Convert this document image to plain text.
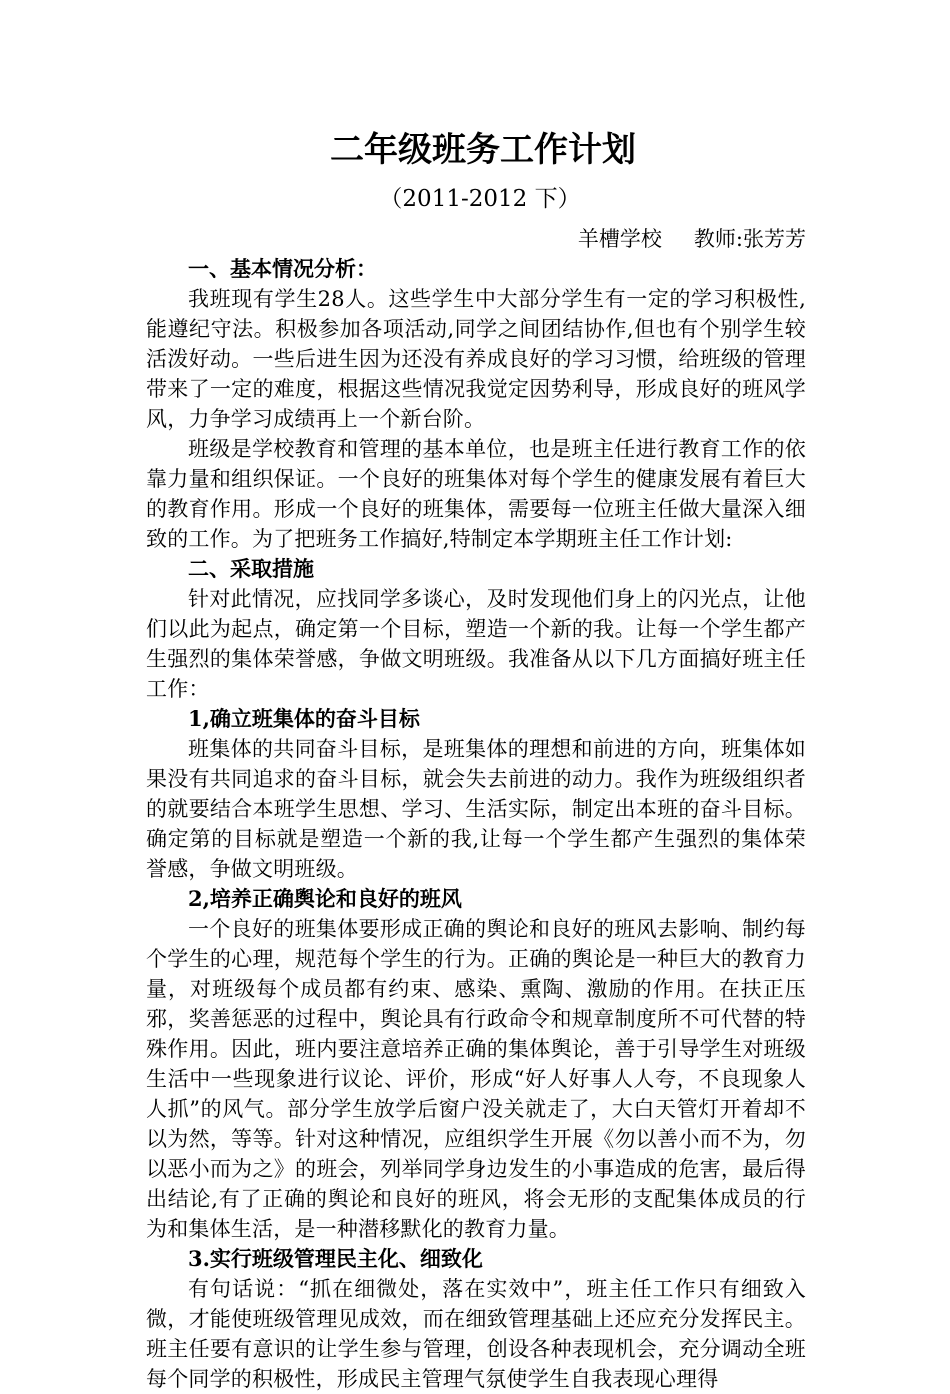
二年级班务工作计划
（2011-2012 下）
羊槽学校 教师:张芳芳
一、基本情况分析：

我班现有学生28人。这些学生中大部分学生有一定的学习积极性,能遵纪守法。积极参加各项活动,同学之间团结协作,但也有个别学生较活泼好动。一些后进生因为还没有养成良好的学习习惯，给班级的管理带来了一定的难度，根据这些情况我觉定因势利导，形成良好的班风学风，力争学习成绩再上一个新台阶。

班级是学校教育和管理的基本单位，也是班主任进行教育工作的依靠力量和组织保证。一个良好的班集体对每个学生的健康发展有着巨大的教育作用。形成一个良好的班集体，需要每一位班主任做大量深入细致的工作。为了把班务工作搞好,特制定本学期班主任工作计划:

二、采取措施

针对此情况，应找同学多谈心，及时发现他们身上的闪光点，让他们以此为起点，确定第一个目标，塑造一个新的我。让每一个学生都产生强烈的集体荣誉感，争做文明班级。我准备从以下几方面搞好班主任工作：

1,确立班集体的奋斗目标

班集体的共同奋斗目标，是班集体的理想和前进的方向，班集体如果没有共同追求的奋斗目标，就会失去前进的动力。我作为班级组织者的就要结合本班学生思想、学习、生活实际，制定出本班的奋斗目标。确定第的目标就是塑造一个新的我,让每一个学生都产生强烈的集体荣誉感，争做文明班级。

2,培养正确舆论和良好的班风

一个良好的班集体要形成正确的舆论和良好的班风去影响、制约每个学生的心理，规范每个学生的行为。正确的舆论是一种巨大的教育力量，对班级每个成员都有约束、感染、熏陶、激励的作用。在扶正压邪，奖善惩恶的过程中，舆论具有行政命令和规章制度所不可代替的特殊作用。因此，班内要注意培养正确的集体舆论，善于引导学生对班级生活中一些现象进行议论、评价，形成“好人好事人人夸，不良现象人人抓”的风气。部分学生放学后窗户没关就走了，大白天管灯开着却不以为然，等等。针对这种情况，应组织学生开展《勿以善小而不为，勿以恶小而为之》的班会，列举同学身边发生的小事造成的危害，最后得出结论,有了正确的舆论和良好的班风，将会无形的支配集体成员的行为和集体生活，是一种潜移默化的教育力量。

3.实行班级管理民主化、细致化

有句话说：“抓在细微处，落在实效中”，班主任工作只有细致入微，才能使班级管理见成效，而在细致管理基础上还应充分发挥民主。班主任要有意识的让学生参与管理，创设各种表现机会，充分调动全班每个同学的积极性，形成民主管理气氛使学生自我表现心理得
